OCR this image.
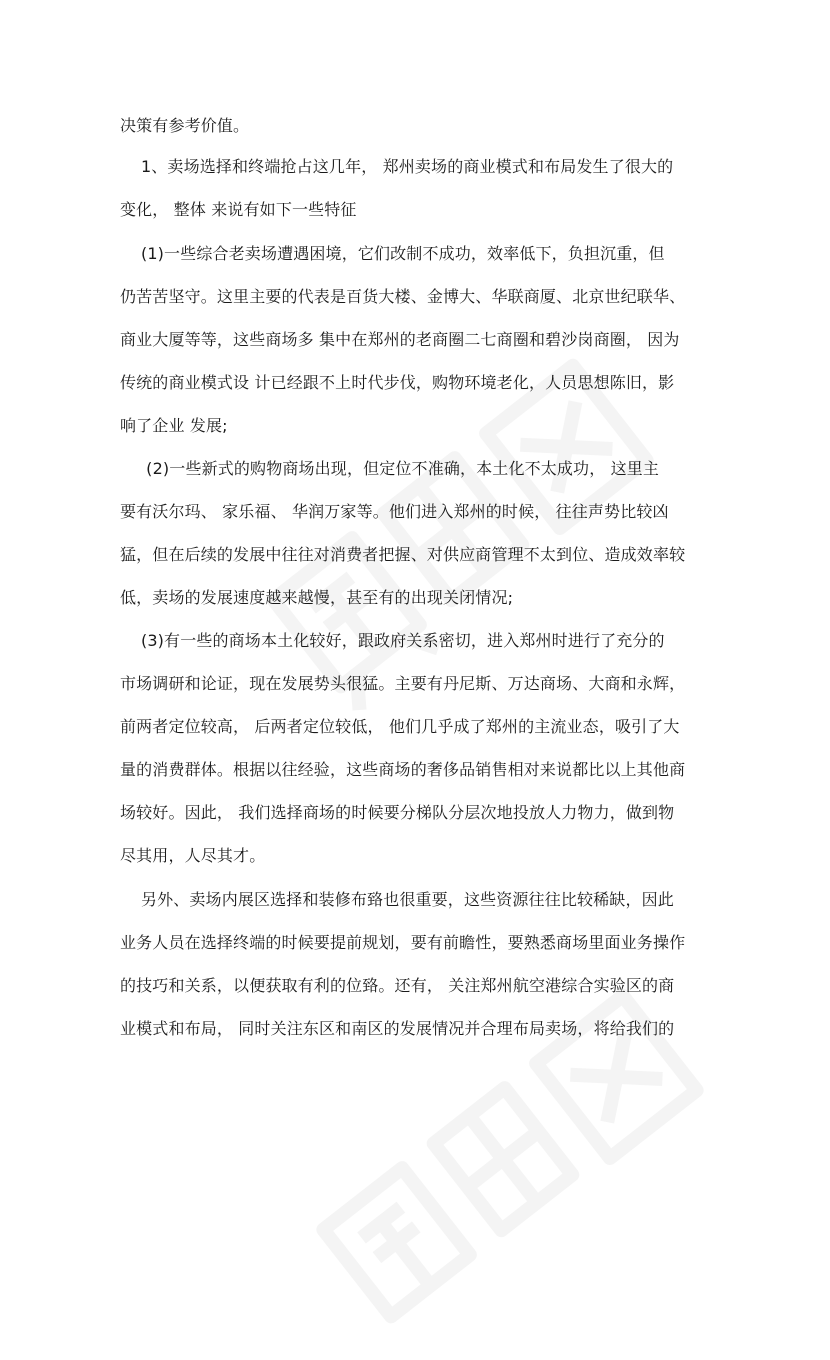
决策有参考价值。
1、卖场选择和终端抢占这几年， 郑州卖场的商业模式和布局发生了很大的
变化， 整体 来说有如下一些特征
(1)一些综合老卖场遭遇困境，它们改制不成功，效率低下，负担沉重，但
仍苦苦坚守。这里主要的代表是百货大楼、金博大、华联商厦、北京世纪联华、
商业大厦等等，这些商场多 集中在郑州的老商圈二七商圈和碧沙岗商圈， 因为
传统的商业模式设 计已经跟不上时代步伐，购物环境老化，人员思想陈旧，影
响了企业 发展;
(2)一些新式的购物商场出现，但定位不准确，本土化不太成功， 这里主
要有沃尔玛、 家乐福、 华润万家等。他们进入郑州的时候， 往往声势比较凶
猛，但在后续的发展中往往对消费者把握、对供应商管理不太到位、造成效率较
低，卖场的发展速度越来越慢，甚至有的出现关闭情况;
(3)有一些的商场本土化较好，跟政府关系密切，进入郑州时进行了充分的
市场调研和论证，现在发展势头很猛。主要有丹尼斯、万达商场、大商和永辉，
前两者定位较高， 后两者定位较低， 他们几乎成了郑州的主流业态，吸引了大
量的消费群体。根据以往经验，这些商场的奢侈品销售相对来说都比以上其他商
场较好。因此， 我们选择商场的时候要分梯队分层次地投放人力物力，做到物
尽其用，人尽其才。
另外、卖场内展区选择和装修布臵也很重要，这些资源往往比较稀缺，因此
业务人员在选择终端的时候要提前规划，要有前瞻性，要熟悉商场里面业务操作
的技巧和关系，以便获取有利的位臵。还有， 关注郑州航空港综合实验区的商
业模式和布局， 同时关注东区和南区的发展情况并合理布局卖场，将给我们的
